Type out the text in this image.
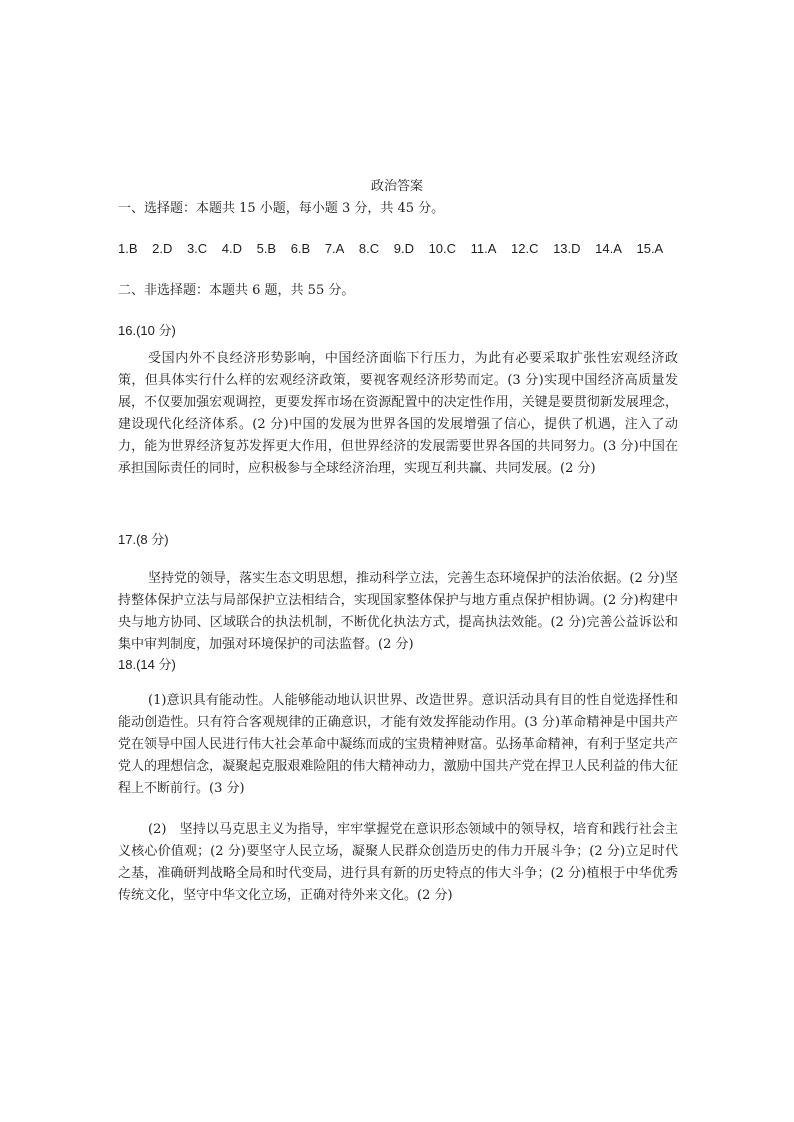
政治答案
一、选择题：本题共 15 小题，每小题 3 分，共 45 分。
1.B 2.D 3.C 4.D 5.B 6.B 7.A 8.C 9.D 10.C 11.A 12.C 13.D 14.A 15.A
二、非选择题：本题共 6 题，共 55 分。
16.(10 分)

受国内外不良经济形势影响，中国经济面临下行压力，为此有必要采取扩张性宏观经济政策，但具体实行什么样的宏观经济政策，要视客观经济形势而定。(3 分)实现中国经济高质量发展，不仅要加强宏观调控，更要发挥市场在资源配置中的决定性作用，关键是要贯彻新发展理念，建设现代化经济体系。(2 分)中国的发展为世界各国的发展增强了信心，提供了机遇，注入了动力，能为世界经济复苏发挥更大作用，但世界经济的发展需要世界各国的共同努力。(3 分)中国在承担国际责任的同时，应积极参与全球经济治理，实现互利共赢、共同发展。(2 分)

17.(8 分)

坚持党的领导，落实生态文明思想，推动科学立法，完善生态环境保护的法治依据。(2 分)坚持整体保护立法与局部保护立法相结合，实现国家整体保护与地方重点保护相协调。(2 分)构建中央与地方协同、区域联合的执法机制，不断优化执法方式，提高执法效能。(2 分)完善公益诉讼和集中审判制度，加强对环境保护的司法监督。(2 分)

18.(14 分)

(1)意识具有能动性。人能够能动地认识世界、改造世界。意识活动具有目的性自觉选择性和能动创造性。只有符合客观规律的正确意识，才能有效发挥能动作用。(3 分)革命精神是中国共产党在领导中国人民进行伟大社会革命中凝练而成的宝贵精神财富。弘扬革命精神，有利于坚定共产党人的理想信念，凝聚起克服艰难险阻的伟大精神动力，激励中国共产党在捍卫人民利益的伟大征程上不断前行。(3 分)

(2)　坚持以马克思主义为指导，牢牢掌握党在意识形态领域中的领导权，培育和践行社会主义核心价值观；(2 分)要坚守人民立场，凝聚人民群众创造历史的伟力开展斗争；(2 分)立足时代之基，准确研判战略全局和时代变局，进行具有新的历史特点的伟大斗争；(2 分)植根于中华优秀传统文化，坚守中华文化立场，正确对待外来文化。(2 分)
